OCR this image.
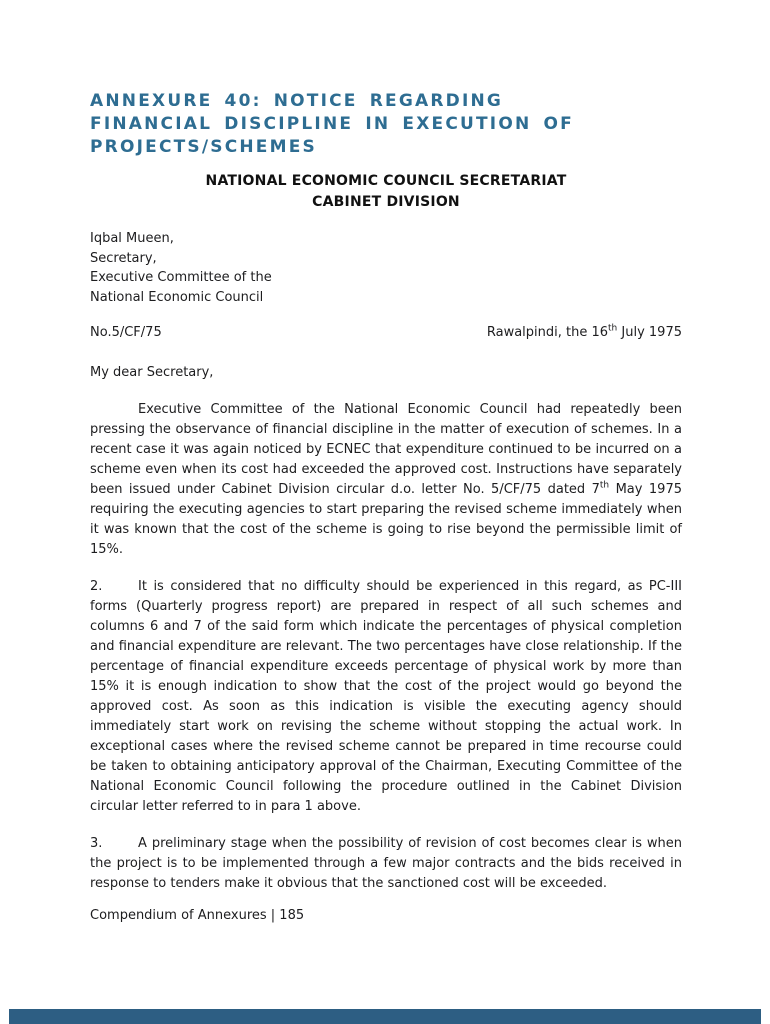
ANNEXURE 40: NOTICE REGARDING
FINANCIAL DISCIPLINE IN EXECUTION OF
PROJECTS/SCHEMES
NATIONAL ECONOMIC COUNCIL SECRETARIAT
CABINET DIVISION
Iqbal Mueen,
Secretary,
Executive Committee of the
National Economic Council
No.5/CF/75	Rawalpindi, the 16th July 1975
My dear Secretary,

Executive Committee of the National Economic Council had repeatedly been pressing the observance of financial discipline in the matter of execution of schemes. In a recent case it was again noticed by ECNEC that expenditure continued to be incurred on a scheme even when its cost had exceeded the approved cost. Instructions have separately been issued under Cabinet Division circular d.o. letter No. 5/CF/75 dated 7th May 1975 requiring the executing agencies to start preparing the revised scheme immediately when it was known that the cost of the scheme is going to rise beyond the permissible limit of 15%.

2.	It is considered that no difficulty should be experienced in this regard, as PC-III forms (Quarterly progress report) are prepared in respect of all such schemes and columns 6 and 7 of the said form which indicate the percentages of physical completion and financial expenditure are relevant. The two percentages have close relationship. If the percentage of financial expenditure exceeds percentage of physical work by more than 15% it is enough indication to show that the cost of the project would go beyond the approved cost. As soon as this indication is visible the executing agency should immediately start work on revising the scheme without stopping the actual work. In exceptional cases where the revised scheme cannot be prepared in time recourse could be taken to obtaining anticipatory approval of the Chairman, Executing Committee of the National Economic Council following the procedure outlined in the Cabinet Division circular letter referred to in para 1 above.

3.	A preliminary stage when the possibility of revision of cost becomes clear is when the project is to be implemented through a few major contracts and the bids received in response to tenders make it obvious that the sanctioned cost will be exceeded.

Compendium of Annexures | 185
